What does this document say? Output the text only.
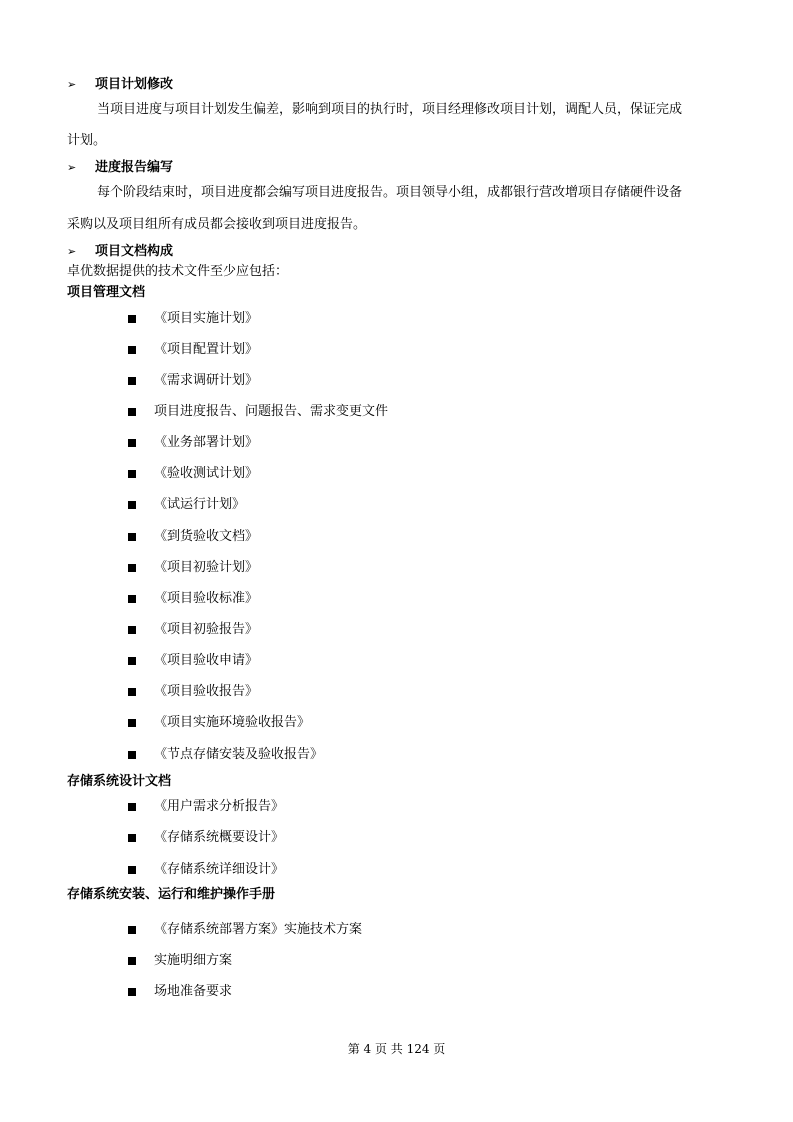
➢ 项目计划修改
当项目进度与项目计划发生偏差，影响到项目的执行时，项目经理修改项目计划，调配人员，保证完成
计划。
➢ 进度报告编写
每个阶段结束时，项目进度都会编写项目进度报告。项目领导小组，成都银行营改增项目存储硬件设备
采购以及项目组所有成员都会接收到项目进度报告。
➢ 项目文档构成
卓优数据提供的技术文件至少应包括：
项目管理文档
《项目实施计划》
《项目配置计划》
《需求调研计划》
项目进度报告、问题报告、需求变更文件
《业务部署计划》
《验收测试计划》
《试运行计划》
《到货验收文档》
《项目初验计划》
《项目验收标准》
《项目初验报告》
《项目验收申请》
《项目验收报告》
《项目实施环境验收报告》
《节点存储安装及验收报告》
存储系统设计文档
《用户需求分析报告》
《存储系统概要设计》
《存储系统详细设计》
存储系统安装、运行和维护操作手册
《存储系统部署方案》实施技术方案
实施明细方案
场地准备要求
第 4 页 共 124 页
